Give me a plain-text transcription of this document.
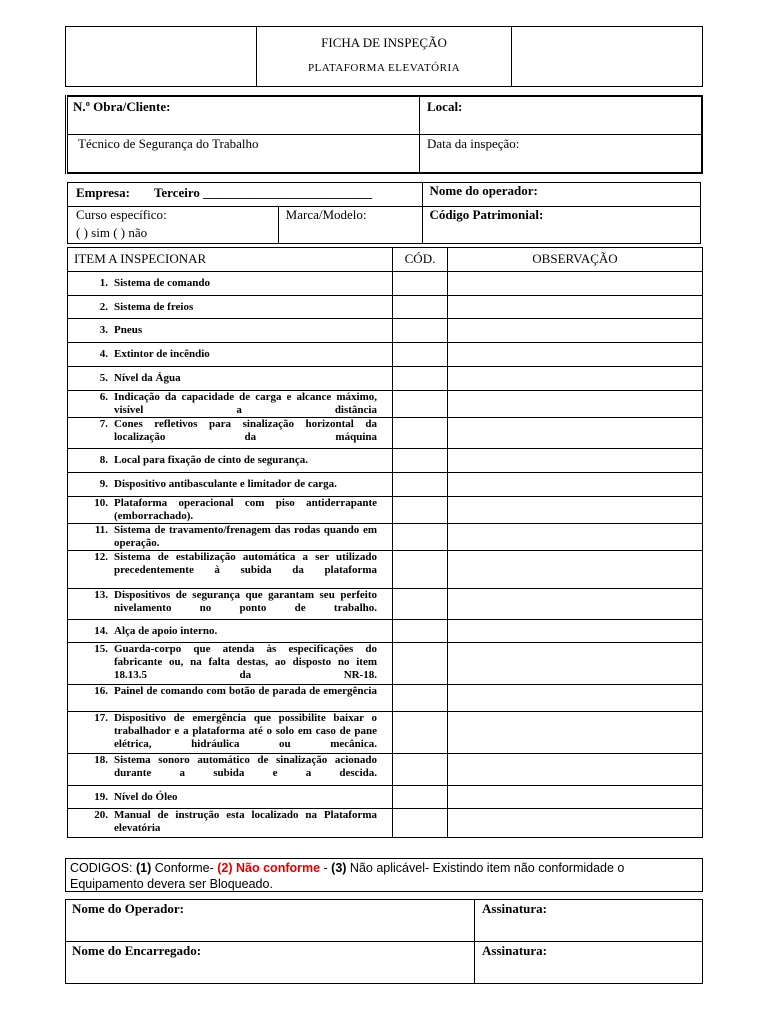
FICHA DE INSPEÇÃO
PLATAFORMA ELEVATÓRIA

N.º Obra/Cliente:	Local:

Técnico de Segurança do Trabalho	Data da inspeção:
Empresa: Terceiro __________________________		Nome do operador:

Curso específico:
( ) sim ( ) não	Marca/Modelo:	Código Patrimonial:
ITEM A INSPECIONAR	CÓD.	OBSERVAÇÃO
1. Sistema de comando		
2. Sistema de freios		
3. Pneus		
4. Extintor de incêndio		
5. Nível da Água		
6. Indicação da capacidade de carga e alcance máximo, visível a distância		
7. Cones refletivos para sinalização horizontal da localização da máquina		
8. Local para fixação de cinto de segurança.		
9. Dispositivo antibasculante e limitador de carga.		
10. Plataforma operacional com piso antiderrapante (emborrachado).		
11. Sistema de travamento/frenagem das rodas quando em operação.		
12. Sistema de estabilização automática a ser utilizado precedentemente à subida da plataforma		
13. Dispositivos de segurança que garantam seu perfeito nivelamento no ponto de trabalho.		
14. Alça de apoio interno.		
15. Guarda-corpo que atenda às especificações do fabricante ou, na falta destas, ao disposto no item 18.13.5 da NR-18.		
16. Painel de comando com botão de parada de emergência		
17. Dispositivo de emergência que possibilite baixar o trabalhador e a plataforma até o solo em caso de pane elétrica, hidráulica ou mecânica.		
18. Sistema sonoro automático de sinalização acionado durante a subida e a descida.		
19. Nível do Óleo		
20. Manual de instrução esta localizado na Plataforma elevatória		
CODIGOS: (1) Conforme- (2) Não conforme - (3) Não aplicável- Existindo item não conformidade o Equipamento devera ser Bloqueado.
Nome do Operador:	Assinatura:

Nome do Encarregado:	Assinatura:
